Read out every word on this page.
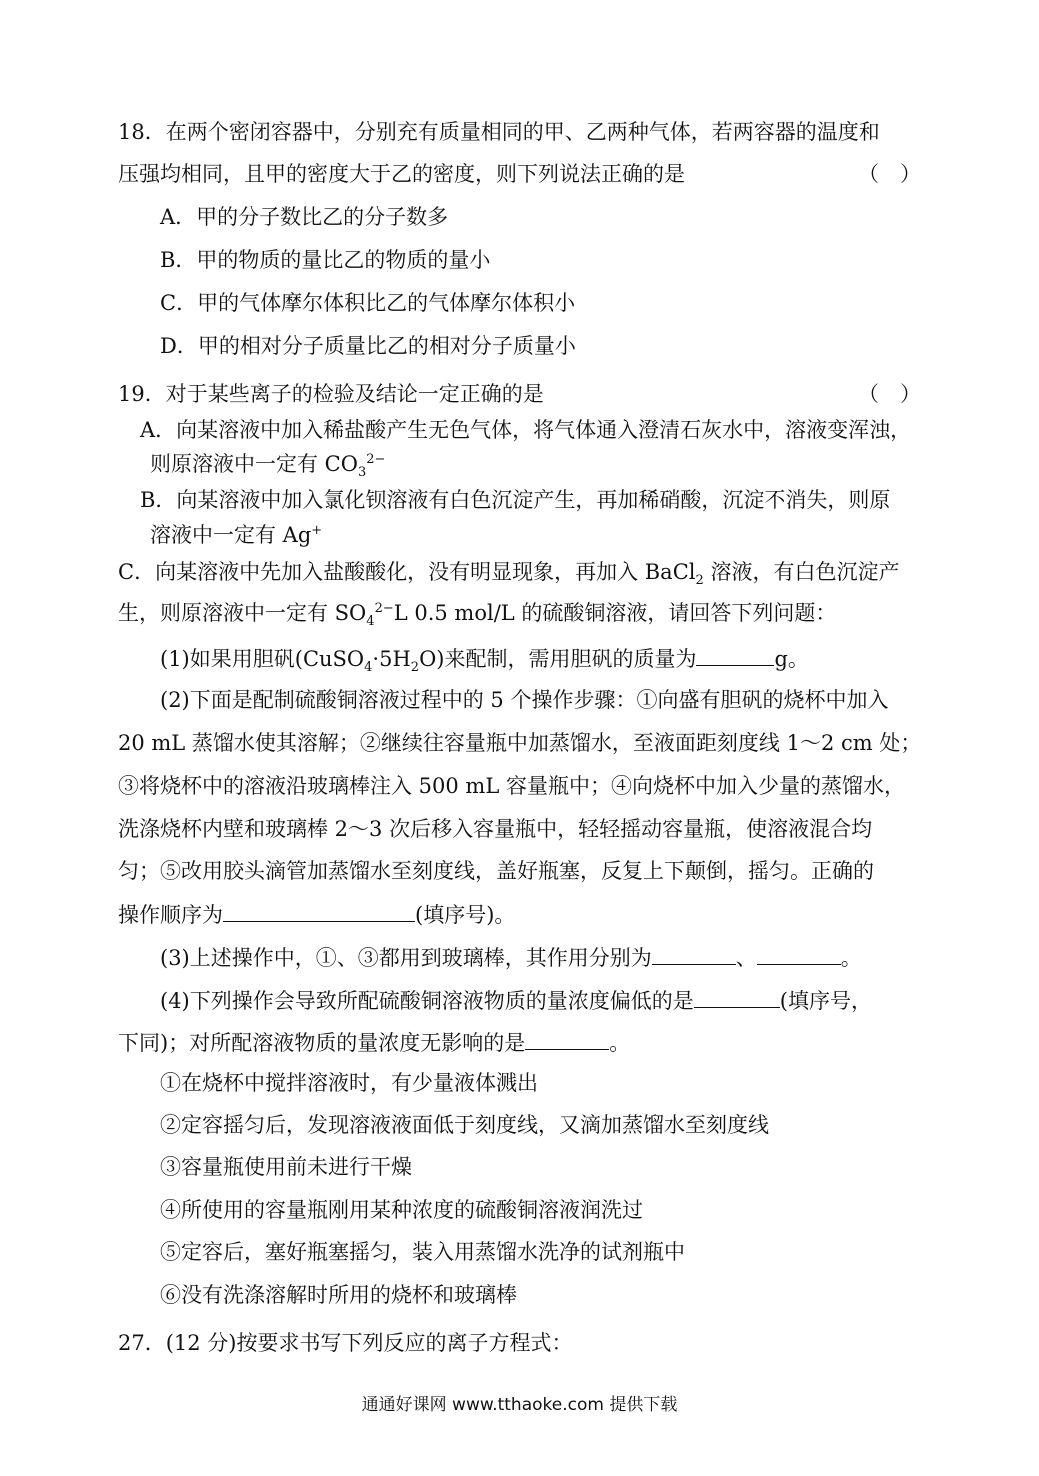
18．在两个密闭容器中，分别充有质量相同的甲、乙两种气体，若两容器的温度和
压强均相同，且甲的密度大于乙的密度，则下列说法正确的是	（　）
A．甲的分子数比乙的分子数多
B．甲的物质的量比乙的物质的量小
C．甲的气体摩尔体积比乙的气体摩尔体积小
D．甲的相对分子质量比乙的相对分子质量小
19．对于某些离子的检验及结论一定正确的是	（　）
A．向某溶液中加入稀盐酸产生无色气体，将气体通入澄清石灰水中，溶液变浑浊，
则原溶液中一定有 $CO_3^{2-}$
B．向某溶液中加入氯化钡溶液有白色沉淀产生，再加稀硝酸，沉淀不消失，则原
溶液中一定有 Ag+
C．向某溶液中先加入盐酸酸化，没有明显现象，再加入 BaCl$_2$ 溶液，有白色沉淀产
生，则原溶液中一定有 $SO_4^{2-}L$ 0.5 mol/L 的硫酸铜溶液，请回答下列问题：
(1)如果用胆矾$(CuSO_4\cdot 5H_2O)$来配制，需用胆矾的质量为	g。
(2)下面是配制硫酸铜溶液过程中的 5 个操作步骤：①向盛有胆矾的烧杯中加入
20 mL 蒸馏水使其溶解；②继续往容量瓶中加蒸馏水，至液面距刻度线 1～2 cm 处；
③将烧杯中的溶液沿玻璃棒注入 500 mL 容量瓶中；④向烧杯中加入少量的蒸馏水，
洗涤烧杯内壁和玻璃棒 2～3 次后移入容量瓶中，轻轻摇动容量瓶，使溶液混合均
匀；⑤改用胶头滴管加蒸馏水至刻度线，盖好瓶塞，反复上下颠倒，摇匀。正确的
操作顺序为	(填序号)。
(3)上述操作中，①、③都用到玻璃棒，其作用分别为	、	。
(4)下列操作会导致所配硫酸铜溶液物质的量浓度偏低的是	(填序号，
下同)；对所配溶液物质的量浓度无影响的是	。
①在烧杯中搅拌溶液时，有少量液体溅出
②定容摇匀后，发现溶液液面低于刻度线，又滴加蒸馏水至刻度线
③容量瓶使用前未进行干燥
④所使用的容量瓶刚用某种浓度的硫酸铜溶液润洗过
⑤定容后，塞好瓶塞摇匀，装入用蒸馏水洗净的试剂瓶中
⑥没有洗涤溶解时所用的烧杯和玻璃棒
27．(12 分)按要求书写下列反应的离子方程式：
通通好课网 www.tthaoke.com 提供下载
